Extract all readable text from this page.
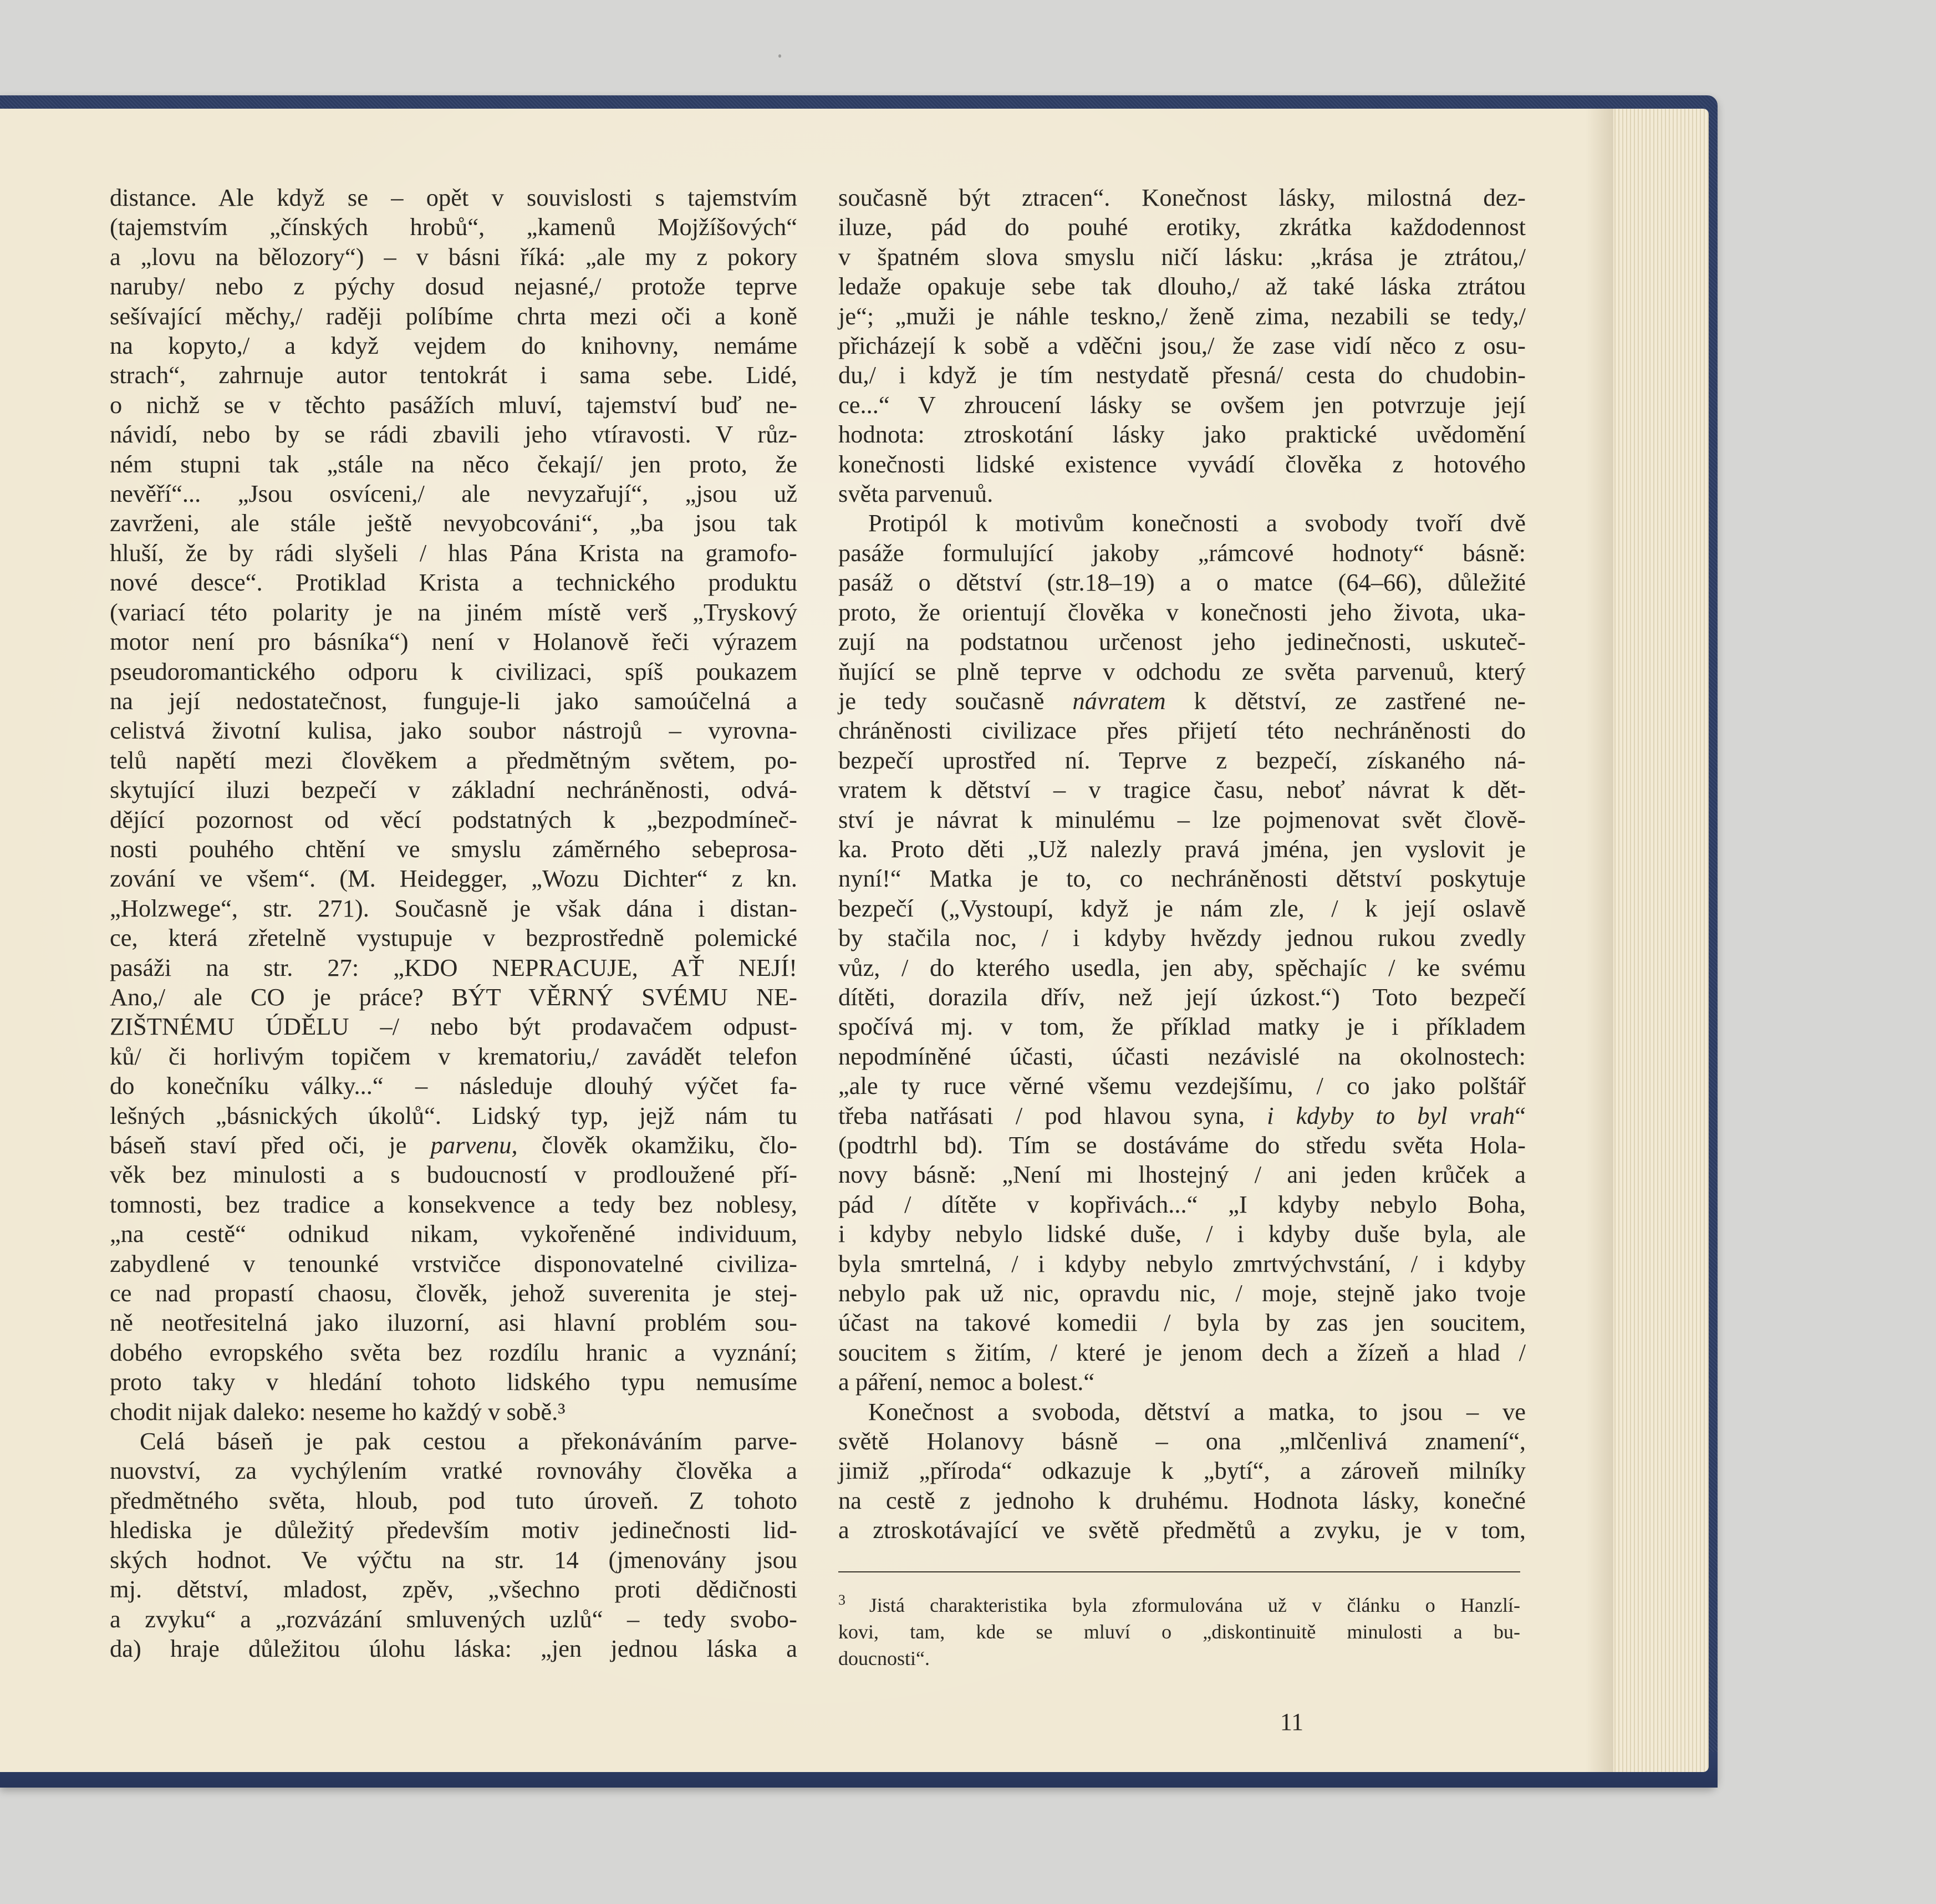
distance. Ale když se – opět v souvislosti s tajemstvím
(tajemstvím „čínských hrobů“, „kamenů Mojžíšových“
a „lovu na bělozory“) – v básni říká: „ale my z pokory
naruby/ nebo z pýchy dosud nejasné,/ protože teprve
sešívající měchy,/ raději políbíme chrta mezi oči a koně
na kopyto,/ a když vejdem do knihovny, nemáme
strach“, zahrnuje autor tentokrát i sama sebe. Lidé,
o nichž se v těchto pasážích mluví, tajemství buď ne-
návidí, nebo by se rádi zbavili jeho vtíravosti. V růz-
ném stupni tak „stále na něco čekají/ jen proto, že
nevěří“... „Jsou osvíceni,/ ale nevyzařují“, „jsou už
zavrženi, ale stále ještě nevyobcováni“, „ba jsou tak
hluší, že by rádi slyšeli / hlas Pána Krista na gramofo-
nové desce“. Protiklad Krista a technického produktu
(variací této polarity je na jiném místě verš „Tryskový
motor není pro básníka“) není v Holanově řeči výrazem
pseudoromantického odporu k civilizaci, spíš poukazem
na její nedostatečnost, funguje-li jako samoúčelná a
celistvá životní kulisa, jako soubor nástrojů – vyrovna-
telů napětí mezi člověkem a předmětným světem, po-
skytující iluzi bezpečí v základní nechráněnosti, odvá-
dějící pozornost od věcí podstatných k „bezpodmíneč-
nosti pouhého chtění ve smyslu záměrného sebeprosa-
zování ve všem“. (M. Heidegger, „Wozu Dichter“ z kn.
„Holzwege“, str. 271). Současně je však dána i distan-
ce, která zřetelně vystupuje v bezprostředně polemické
pasáži na str. 27: „KDO NEPRACUJE, AŤ NEJÍ!
Ano,/ ale CO je práce? BÝT VĚRNÝ SVÉMU NE-
ZIŠTNÉMU ÚDĚLU –/ nebo být prodavačem odpust-
ků/ či horlivým topičem v krematoriu,/ zavádět telefon
do konečníku války...“ – následuje dlouhý výčet fa-
lešných „básnických úkolů“. Lidský typ, jejž nám tu
báseň staví před oči, je parvenu, člověk okamžiku, člo-
věk bez minulosti a s budoucností v prodloužené pří-
tomnosti, bez tradice a konsekvence a tedy bez noblesy,
„na cestě“ odnikud nikam, vykořeněné individuum,
zabydlené v tenounké vrstvičce disponovatelné civiliza-
ce nad propastí chaosu, člověk, jehož suverenita je stej-
ně neotřesitelná jako iluzorní, asi hlavní problém sou-
dobého evropského světa bez rozdílu hranic a vyznání;
proto taky v hledání tohoto lidského typu nemusíme
chodit nijak daleko: neseme ho každý v sobě.³
Celá báseň je pak cestou a překonáváním parve-
nuovství, za vychýlením vratké rovnováhy člověka a
předmětného světa, hloub, pod tuto úroveň. Z tohoto
hlediska je důležitý především motiv jedinečnosti lid-
ských hodnot. Ve výčtu na str. 14 (jmenovány jsou
mj. dětství, mladost, zpěv, „všechno proti dědičnosti
a zvyku“ a „rozvázání smluvených uzlů“ – tedy svobo-
da) hraje důležitou úlohu láska: „jen jednou láska a
současně být ztracen“. Konečnost lásky, milostná dez-
iluze, pád do pouhé erotiky, zkrátka každodennost
v špatném slova smyslu ničí lásku: „krása je ztrátou,/
ledaže opakuje sebe tak dlouho,/ až také láska ztrátou
je“; „muži je náhle teskno,/ ženě zima, nezabili se tedy,/
přicházejí k sobě a vděčni jsou,/ že zase vidí něco z osu-
du,/ i když je tím nestydatě přesná/ cesta do chudobin-
ce...“ V zhroucení lásky se ovšem jen potvrzuje její
hodnota: ztroskotání lásky jako praktické uvědomění
konečnosti lidské existence vyvádí člověka z hotového
světa parvenuů.
Protipól k motivům konečnosti a svobody tvoří dvě
pasáže formulující jakoby „rámcové hodnoty“ básně:
pasáž o dětství (str.18–19) a o matce (64–66), důležité
proto, že orientují člověka v konečnosti jeho života, uka-
zují na podstatnou určenost jeho jedinečnosti, uskuteč-
ňující se plně teprve v odchodu ze světa parvenuů, který
je tedy současně návratem k dětství, ze zastřené ne-
chráněnosti civilizace přes přijetí této nechráněnosti do
bezpečí uprostřed ní. Teprve z bezpečí, získaného ná-
vratem k dětství – v tragice času, neboť návrat k dět-
ství je návrat k minulému – lze pojmenovat svět člově-
ka. Proto děti „Už nalezly pravá jména, jen vyslovit je
nyní!“ Matka je to, co nechráněnosti dětství poskytuje
bezpečí („Vystoupí, když je nám zle, / k její oslavě
by stačila noc, / i kdyby hvězdy jednou rukou zvedly
vůz, / do kterého usedla, jen aby, spěchajíc / ke svému
dítěti, dorazila dřív, než její úzkost.“) Toto bezpečí
spočívá mj. v tom, že příklad matky je i příkladem
nepodmíněné účasti, účasti nezávislé na okolnostech:
„ale ty ruce věrné všemu vezdejšímu, / co jako polštář
třeba natřásati / pod hlavou syna, i kdyby to byl vrah“
(podtrhl bd). Tím se dostáváme do středu světa Hola-
novy básně: „Není mi lhostejný / ani jeden krůček a
pád / dítěte v kopřivách...“ „I kdyby nebylo Boha,
i kdyby nebylo lidské duše, / i kdyby duše byla, ale
byla smrtelná, / i kdyby nebylo zmrtvýchvstání, / i kdyby
nebylo pak už nic, opravdu nic, / moje, stejně jako tvoje
účast na takové komedii / byla by zas jen soucitem,
soucitem s žitím, / které je jenom dech a žízeň a hlad /
a páření, nemoc a bolest.“
Konečnost a svoboda, dětství a matka, to jsou – ve
světě Holanovy básně – ona „mlčenlivá znamení“,
jimiž „příroda“ odkazuje k „bytí“, a zároveň milníky
na cestě z jednoho k druhému. Hodnota lásky, konečné
a ztroskotávající ve světě předmětů a zvyku, je v tom,
$^3$ Jistá charakteristika byla zformulována už v článku o Hanzlí-
kovi, tam, kde se mluví o „diskontinuitě minulosti a bu-
doucnosti“.
11
